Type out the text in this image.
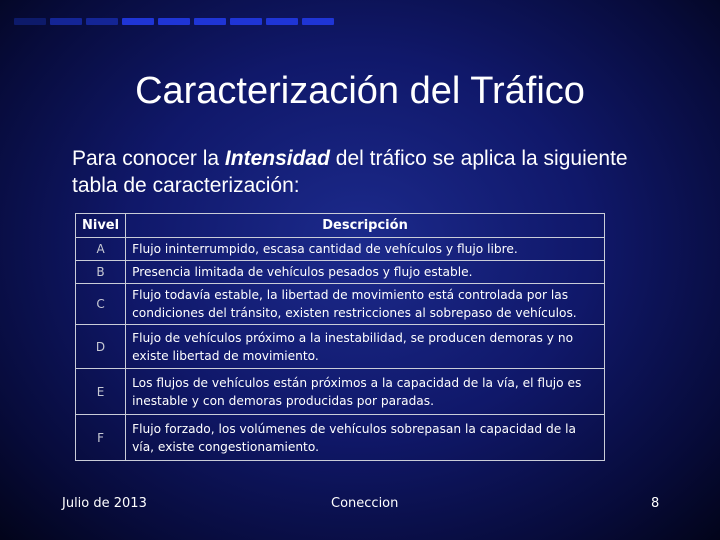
Caracterización del Tráfico
Para conocer la Intensidad del tráfico se aplica la siguiente tabla de caracterización:
Nivel	Descripción
A	Flujo ininterrumpido, escasa cantidad de vehículos y flujo libre.
B	Presencia limitada de vehículos pesados y flujo estable.
C	Flujo todavía estable, la libertad de movimiento está controlada por las condiciones del tránsito, existen restricciones al sobrepaso de vehículos.
D	Flujo de vehículos próximo a la inestabilidad, se producen demoras y no existe libertad de movimiento.
E	Los flujos de vehículos están próximos a la capacidad de la vía, el flujo es inestable y con demoras producidas por paradas.
F	Flujo forzado, los volúmenes de vehículos sobrepasan la capacidad de la vía, existe congestionamiento.
Julio de 2013	Coneccion	8
